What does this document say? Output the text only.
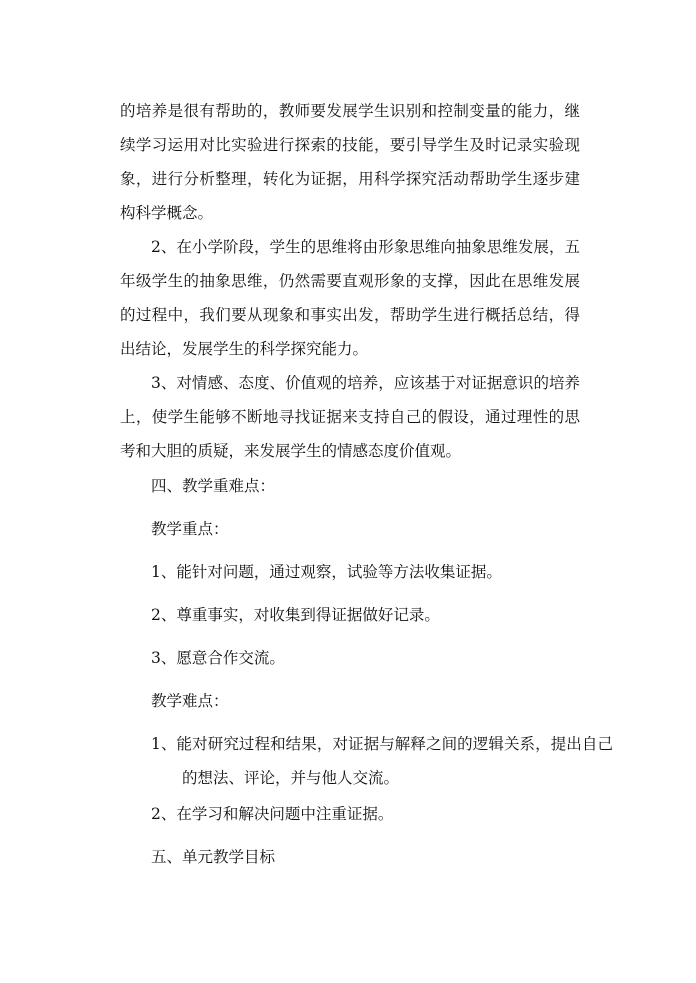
的培养是很有帮助的，教师要发展学生识别和控制变量的能力，继续学习运用对比实验进行探索的技能，要引导学生及时记录实验现象，进行分析整理，转化为证据，用科学探究活动帮助学生逐步建构科学概念。

2、在小学阶段，学生的思维将由形象思维向抽象思维发展，五年级学生的抽象思维，仍然需要直观形象的支撑，因此在思维发展的过程中，我们要从现象和事实出发，帮助学生进行概括总结，得出结论，发展学生的科学探究能力。

3、对情感、态度、价值观的培养，应该基于对证据意识的培养上，使学生能够不断地寻找证据来支持自己的假设，通过理性的思考和大胆的质疑，来发展学生的情感态度价值观。

四、教学重难点：

教学重点：

1、能针对问题，通过观察，试验等方法收集证据。

2、尊重事实，对收集到得证据做好记录。

3、愿意合作交流。

教学难点：

1、能对研究过程和结果，对证据与解释之间的逻辑关系，提出自己的想法、评论，并与他人交流。

2、在学习和解决问题中注重证据。

五、单元教学目标
